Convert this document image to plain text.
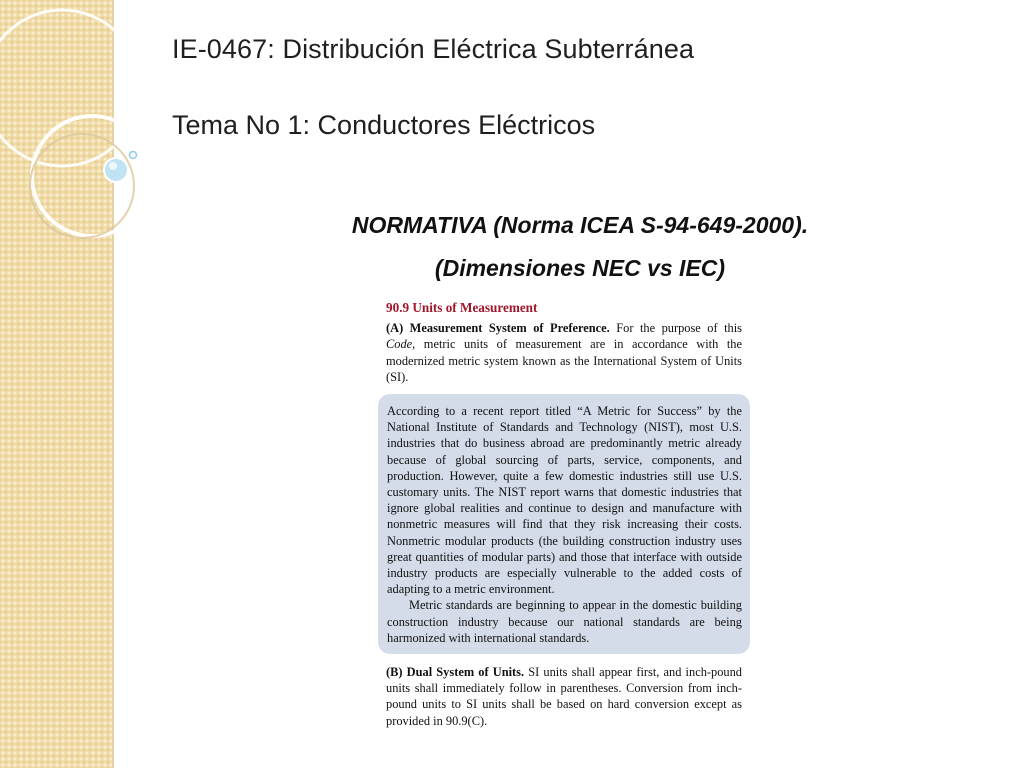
IE-0467: Distribución Eléctrica Subterránea
Tema No 1: Conductores Eléctricos
NORMATIVA (Norma ICEA S-94-649-2000).
(Dimensiones NEC vs IEC)
90.9 Units of Measurement

(A) Measurement System of Preference. For the purpose of this Code, metric units of measurement are in accordance with the modernized metric system known as the International System of Units (SI).

According to a recent report titled “A Metric for Success” by the National Institute of Standards and Technology (NIST), most U.S. industries that do business abroad are predominantly metric already because of global sourcing of parts, service, components, and production. However, quite a few domestic industries still use U.S. customary units. The NIST report warns that domestic industries that ignore global realities and continue to design and manufacture with nonmetric measures will find that they risk increasing their costs. Nonmetric modular products (the building construction industry uses great quantities of modular parts) and those that interface with outside industry products are especially vulnerable to the added costs of adapting to a metric environment.

Metric standards are beginning to appear in the domestic building construction industry because our national standards are being harmonized with international standards.

(B) Dual System of Units. SI units shall appear first, and inch-pound units shall immediately follow in parentheses. Conversion from inch-pound units to SI units shall be based on hard conversion except as provided in 90.9(C).
